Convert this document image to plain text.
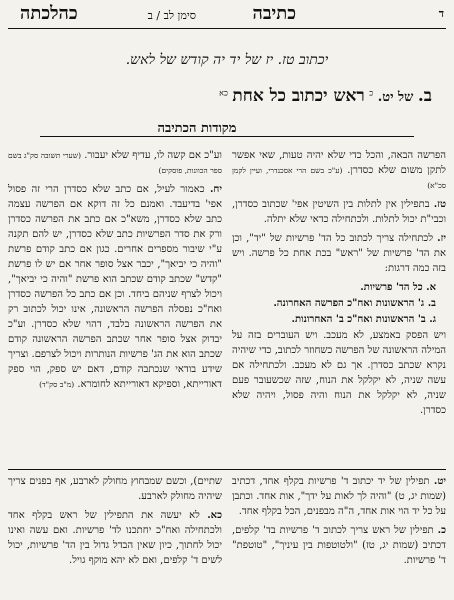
ד
כתיבה
סימן לב / ב
כהלכתה
יכתוב טז. יז של יד יה קודש של לאש.
ב. של יט. $^כ$ ראש יכתוב כל אחת $^{כא}$
מקודות הכתיבה

הפרשה הבאה, והכל כדי שלא יהיה טעות, שאי אפשר לתקן משום שלא כסדרן. (ע"כ בשם הרי אסכנדרי, ועיין לקמן סכ"א)

טז. בתפילין אין לתלות בין השיטין אפי' שכתוב כסדרן, וכבי"ת יכול לתלות. ולכתחילה כדאי שלא יתלה.

יז. לכתחילה צריך לכתוב כל הד' פרשיות של "יד", וכן את הד' פרשיות של "ראש" בכת אחת כל פרשה. ויש בזה כמה דרגות:

א. כל הד' פרשיות.
ב. ג' הראשונות ואח"כ הפרשה האחרונה.
ג. ב' הראשונות ואח"כ ב' האחרונות.

ויש הפסק באמצע, לא מעכב. ויש העוברים בזה על המילה הראשונה של הפרשה כשחוזר לכתוב, כדי שיהיה נקרא שכתב כסדרן. אך גם לא מעכב. ולכתחילה אם עשה שניה, לא יקלקל את הנוח, שזה שכשעובר פעם שניה, לא יקלקל את הנוח והיה פסול, ויהיה שלא כסדרן.

וע"כ אם קשה לו, עדיף שלא יעבור. (שערי תשובה סק"ג בשם ספר הכוונות, פוסקים)

יח. כאמור לעיל, אם כתב שלא כסדרן הרי זה פסול אפי' בדיעבד. ואמנם כל זה דוקא אם הפרשה עצמה כתב שלא כסדרן, משא"כ אם כתב את הפרשה כסדרן ורק את סדר הפרשיות כתב שלא כסדרן, יש להם תקנה ע"י שיבור מספרים אחרים. כגון אם כתב קודם פרשת "והיה כי יביאך", יכבר אצל סופר אחר אם יש לו פרשת "קדש" שכתב קודם שכתב הוא פרשת "והיה כי יביאך", ויכול לצרף שניהם ביחד. וכן אם כתב כל הפרשה כסדרן ואח"כ נפסלה הפרשה הראשונה, אינו יכול לכתוב רק את הפרשה הראשונה בלבד, דהוי שלא כסדרן. וע"כ יבדוק אצל סופר אחר שכתב הפרשה הראשונה קודם שכתב הוא את הג' פרשיות הנותרות ויכול לצרפם. וצריך שידע בודאי שנכתבה קודם, דאם יש ספק, הוי ספק דאורייתא, וספיקא דאורייתא לחומרא. (מ"ב סק"ד)

יט. תפילין של יד יכתוב ד' פרשיות בקלף אחד, דכתיב (שמות יג, ט) "והיה לך לאות על ידך", אות אחד. וכתבן על כל יד הוי אות אחד, ה"ה מבפנים, הכל בקלף אחד.

כ. תפילין של ראש צריך לכתוב ד' פרשיות בד' קלפים, דכתיב (שמות יג, טז) "ולטוטפות בין עיניך", "טוטפת" ד' פרשיות.

שתיים), וכשם שמבחוץ מחולק לארבע, אף בפנים צריך שיהיה מחולק לארבע.

כא. לא יעשה את התפילין של ראש בקלף אחד ולכתחילה ואח"כ יחתכנו לד' פרשיות. ואם עשה ואינו יכול לחתוך, כיון שאין הבדל גדול בין הד' פרשיות, יכול לשים ד' קלפים, ואם לא יהא מוקף גויל.
